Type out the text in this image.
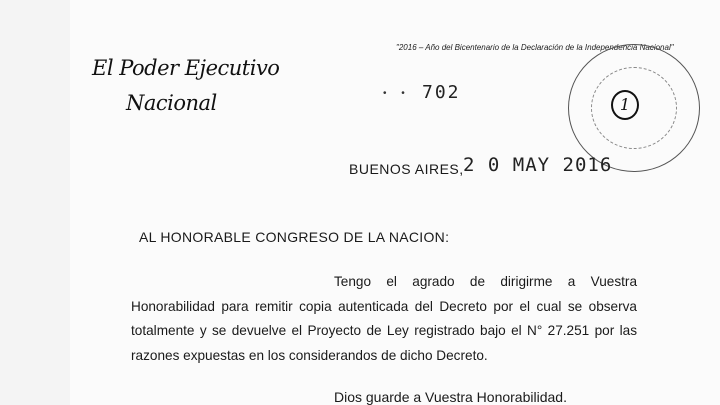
"2016 – Año del Bicentenario de la Declaración de la Independencia Nacional"
El Poder Ejecutivo
Nacional	• • 702
1
BUENOS AIRES, 2 0 MAY 2016
AL HONORABLE CONGRESO DE LA NACION:
Tengo el agrado de dirigirme a Vuestra
Honorabilidad para remitir copia autenticada del Decreto por el cual se observa
totalmente y se devuelve el Proyecto de Ley registrado bajo el N° 27.251 por las
razones expuestas en los considerandos de dicho Decreto.
Dios guarde a Vuestra Honorabilidad.
